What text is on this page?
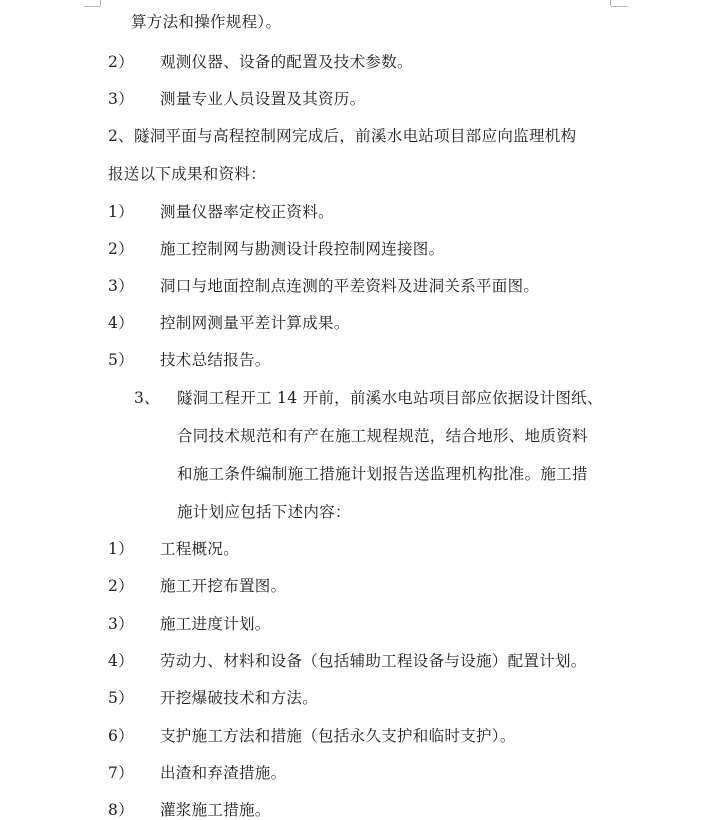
算方法和操作规程）。
2） 观测仪器、设备的配置及技术参数。
3） 测量专业人员设置及其资历。
2、隧洞平面与高程控制网完成后，前溪水电站项目部应向监理机构
报送以下成果和资料：
1） 测量仪器率定校正资料。
2） 施工控制网与勘测设计段控制网连接图。
3） 洞口与地面控制点连测的平差资料及进洞关系平面图。
4） 控制网测量平差计算成果。
5） 技术总结报告。
3、 隧洞工程开工 14 开前，前溪水电站项目部应依据设计图纸、
合同技术规范和有产在施工规程规范，结合地形、地质资料
和施工条件编制施工措施计划报告送监理机构批准。施工措
施计划应包括下述内容：
1） 工程概况。
2） 施工开挖布置图。
3） 施工进度计划。
4） 劳动力、材料和设备（包括辅助工程设备与设施）配置计划。
5） 开挖爆破技术和方法。
6） 支护施工方法和措施（包括永久支护和临时支护）。
7） 出渣和弃渣措施。
8） 灌浆施工措施。
